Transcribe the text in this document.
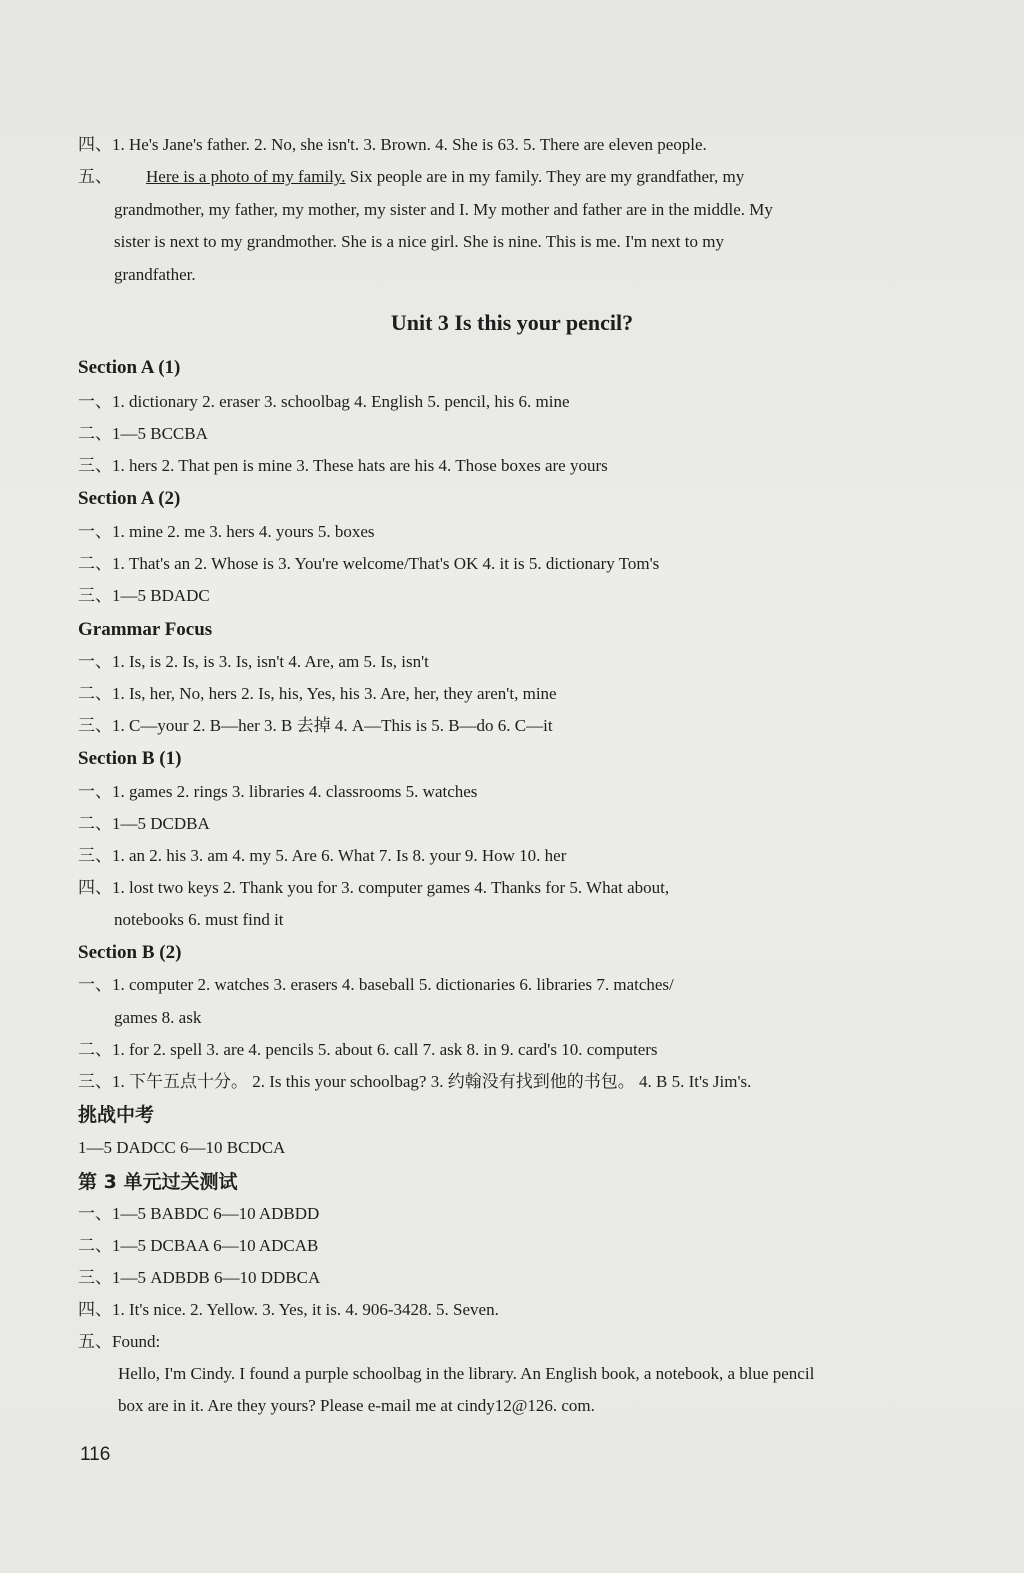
四、1. He's Jane's father. 2. No, she isn't. 3. Brown. 4. She is 63. 5. There are eleven people.
五、 Here is a photo of my family. Six people are in my family. They are my grandfather, my
grandmother, my father, my mother, my sister and I. My mother and father are in the middle. My
sister is next to my grandmother. She is a nice girl. She is nine. This is me. I'm next to my
grandfather.
Unit 3 Is this your pencil?
Section A (1)
一、1. dictionary 2. eraser 3. schoolbag 4. English 5. pencil, his 6. mine
二、1—5 BCCBA
三、1. hers 2. That pen is mine 3. These hats are his 4. Those boxes are yours
Section A (2)
一、1. mine 2. me 3. hers 4. yours 5. boxes
二、1. That's an 2. Whose is 3. You're welcome/That's OK 4. it is 5. dictionary Tom's
三、1—5 BDADC
Grammar Focus
一、1. Is, is 2. Is, is 3. Is, isn't 4. Are, am 5. Is, isn't
二、1. Is, her, No, hers 2. Is, his, Yes, his 3. Are, her, they aren't, mine
三、1. C—your 2. B—her 3. B 去掉 4. A—This is 5. B—do 6. C—it
Section B (1)
一、1. games 2. rings 3. libraries 4. classrooms 5. watches
二、1—5 DCDBA
三、1. an 2. his 3. am 4. my 5. Are 6. What 7. Is 8. your 9. How 10. her
四、1. lost two keys 2. Thank you for 3. computer games 4. Thanks for 5. What about,
notebooks 6. must find it
Section B (2)
一、1. computer 2. watches 3. erasers 4. baseball 5. dictionaries 6. libraries 7. matches/
games 8. ask
二、1. for 2. spell 3. are 4. pencils 5. about 6. call 7. ask 8. in 9. card's 10. computers
三、1. 下午五点十分。 2. Is this your schoolbag? 3. 约翰没有找到他的书包。 4. B 5. It's Jim's.
挑战中考
1—5 DADCC 6—10 BCDCA
第 3 单元过关测试
一、1—5 BABDC 6—10 ADBDD
二、1—5 DCBAA 6—10 ADCAB
三、1—5 ADBDB 6—10 DDBCA
四、1. It's nice. 2. Yellow. 3. Yes, it is. 4. 906-3428. 5. Seven.
五、Found:
Hello, I'm Cindy. I found a purple schoolbag in the library. An English book, a notebook, a blue pencil
box are in it. Are they yours? Please e-mail me at cindy12@126. com.
116
